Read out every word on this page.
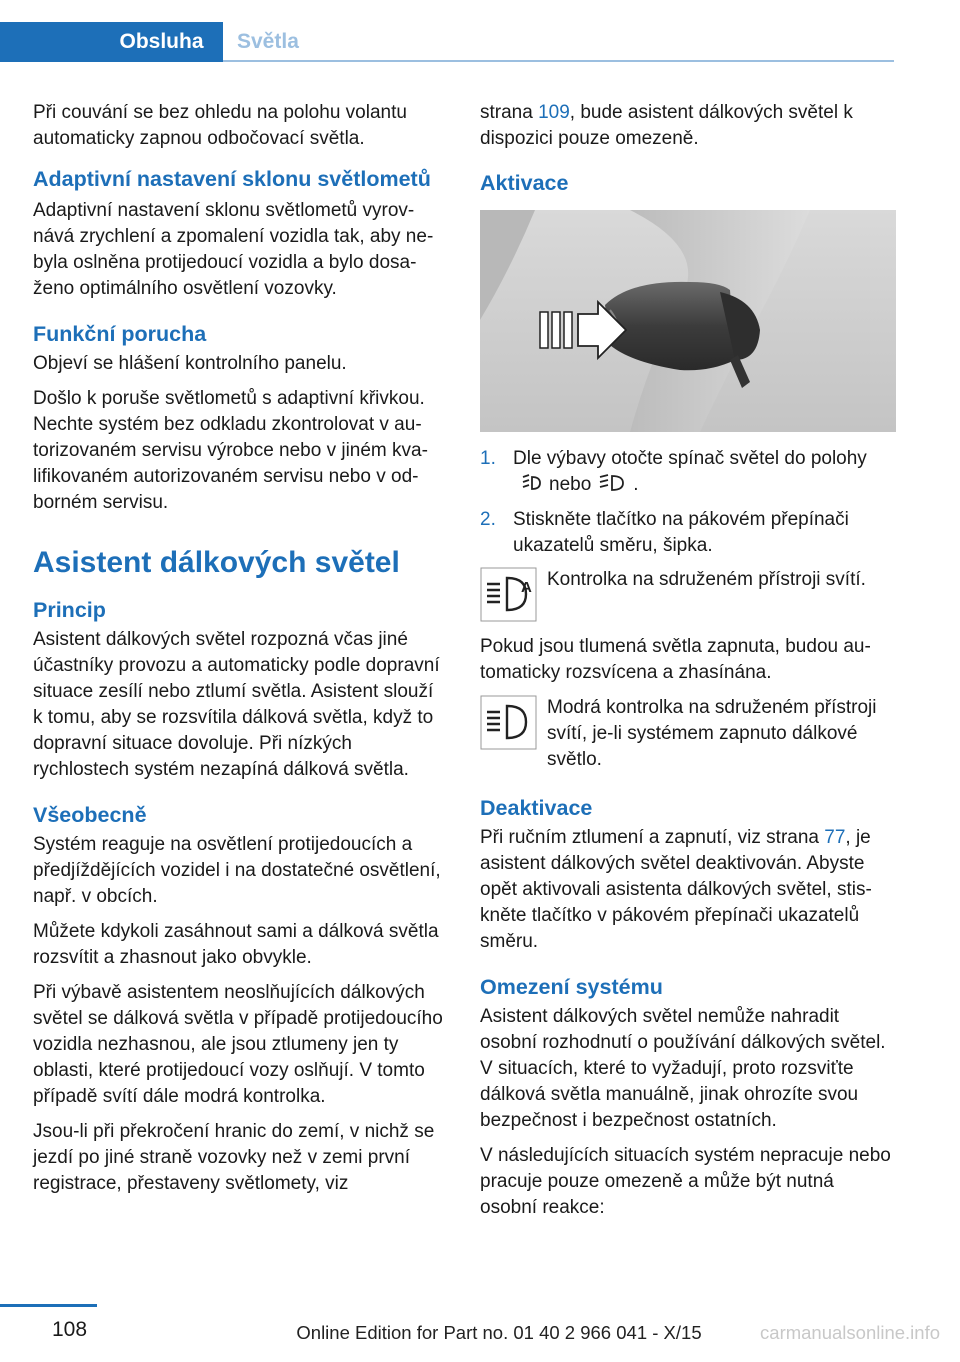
Obsluha	Světla

Při couvání se bez ohledu na polohu volantu automaticky zapnou odbočovací světla.

Adaptivní nastavení sklonu světlometů

Adaptivní nastavení sklonu světlometů vyrovnává zrychlení a zpomalení vozidla tak, aby nebyla oslněna protijedoucí vozidla a bylo dosaženo optimálního osvětlení vozovky.

Funkční porucha

Objeví se hlášení kontrolního panelu.

Došlo k poruše světlometů s adaptivní křivkou. Nechte systém bez odkladu zkontrolovat v autorizovaném servisu výrobce nebo v jiném kvalifikovaném autorizovaném servisu nebo v odborném servisu.

Asistent dálkových světel
Princip

Asistent dálkových světel rozpozná včas jiné účastníky provozu a automaticky podle dopravní situace zesílí nebo ztlumí světla. Asistent slouží k tomu, aby se rozsvítila dálková světla, když to dopravní situace dovoluje. Při nízkých rychlostech systém nezapíná dálková světla.

Všeobecně

Systém reaguje na osvětlení protijedoucích a předjíždějících vozidel i na dostatečné osvětlení, např. v obcích.

Můžete kdykoli zasáhnout sami a dálková světla rozsvítit a zhasnout jako obvykle.

Při výbavě asistentem neoslňujících dálkových světel se dálková světla v případě protijedoucího vozidla nezhasnou, ale jsou ztlumeny jen ty oblasti, které protijedoucí vozy oslňují. V tomto případě svítí dále modrá kontrolka.

Jsou-li při překročení hranic do zemí, v nichž se jezdí po jiné straně vozovky než v zemi první registrace, přestaveny světlomety, viz

strana 109, bude asistent dálkových světel k dispozici pouze omezeně.

Aktivace
1. Dle výbavy otočte spínač světel do polohy
nebo .
2. Stiskněte tlačítko na pákovém přepínači ukazatelů směru, šipka.
A Kontrolka na sdruženém přístroji svítí.

Pokud jsou tlumená světla zapnuta, budou automaticky rozsvícena a zhasínána.

Modrá kontrolka na sdruženém přístroji svítí, je-li systémem zapnuto dálkové světlo.

Deaktivace

Při ručním ztlumení a zapnutí, viz strana 77, je asistent dálkových světel deaktivován. Abyste opět aktivovali asistenta dálkových světel, stiskněte tlačítko v pákovém přepínači ukazatelů směru.

Omezení systému

Asistent dálkových světel nemůže nahradit osobní rozhodnutí o používání dálkových světel. V situacích, které to vyžadují, proto rozsviťte dálková světla manuálně, jinak ohrozíte svou bezpečnost i bezpečnost ostatních.

V následujících situacích systém nepracuje nebo pracuje pouze omezeně a může být nutná osobní reakce:

108	Online Edition for Part no. 01 40 2 966 041 - X/15	carmanualsonline.info
